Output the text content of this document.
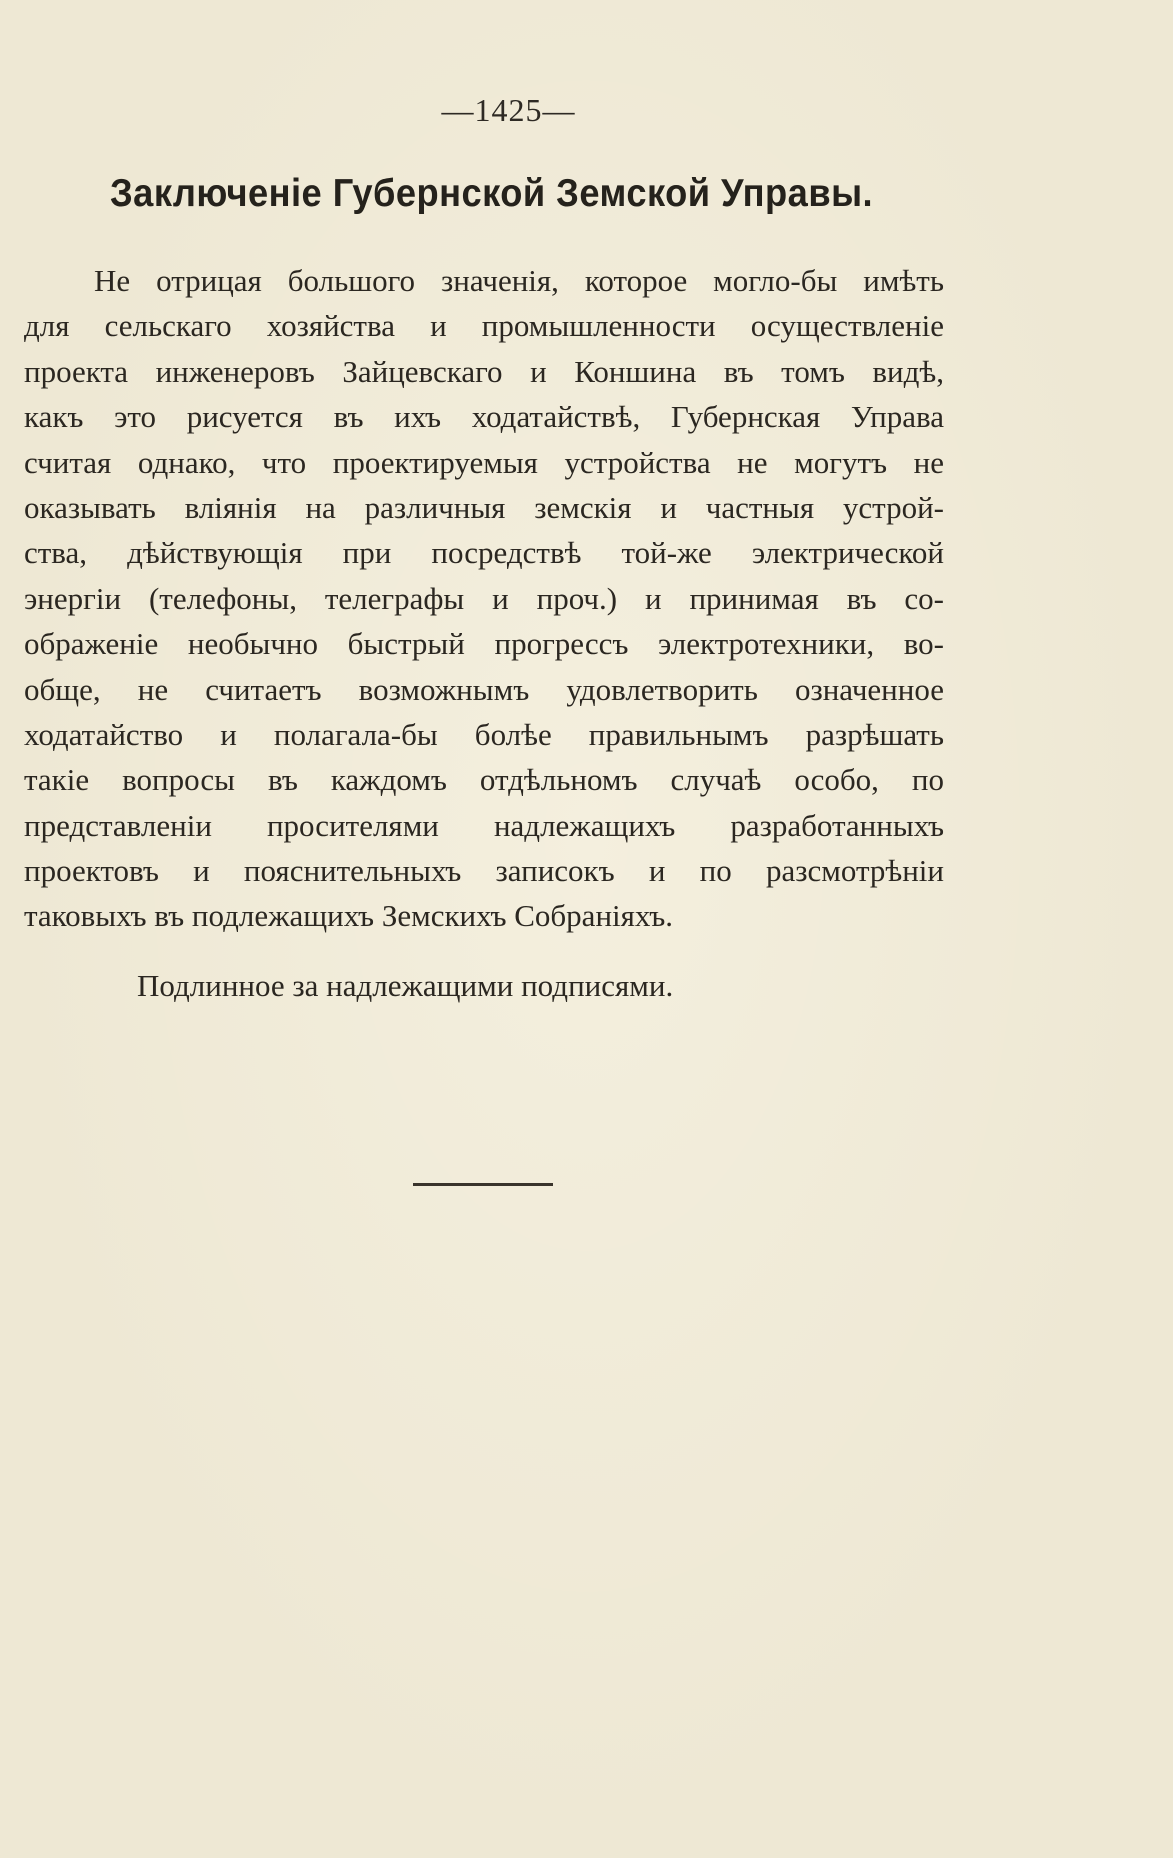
—1425—
Заключеніе Губернской Земской Управы.
Не отрицая большого значенія, которое могло-бы имѣть
для сельскаго хозяйства и промышленности осуществленіе
проекта инженеровъ Зайцевскаго и Коншина въ томъ видѣ,
какъ это рисуется въ ихъ ходатайствѣ, Губернская Управа
считая однако, что проектируемыя устройства не могутъ не
оказывать вліянія на различныя земскія и частныя устрой-
ства, дѣйствующія при посредствѣ той-же электрической
энергіи (телефоны, телеграфы и проч.) и принимая въ со-
ображеніе необычно быстрый прогрессъ электротехники, во-
обще, не считаетъ возможнымъ удовлетворить означенное
ходатайство и полагала-бы болѣе правильнымъ разрѣшать
такіе вопросы въ каждомъ отдѣльномъ случаѣ особо, по
представленіи просителями надлежащихъ разработанныхъ
проектовъ и пояснительныхъ записокъ и по разсмотрѣніи
таковыхъ въ подлежащихъ Земскихъ Собраніяхъ.
Подлинное за надлежащими подписями.
